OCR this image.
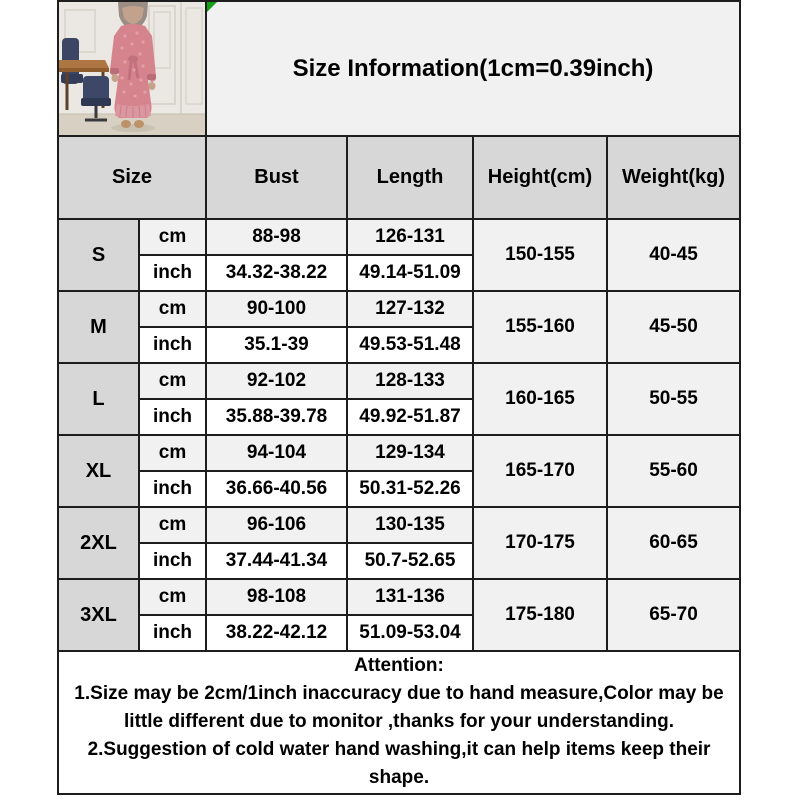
Size Information(1cm=0.39inch)			
Size		Bust	Length	Height(cm)	Weight(kg)
S	cm	88-98	126-131	150-155	40-45
	inch	34.32-38.22	49.14-51.09		
M	cm	90-100	127-132	155-160	45-50
	inch	35.1-39	49.53-51.48		
L	cm	92-102	128-133	160-165	50-55
	inch	35.88-39.78	49.92-51.87		
XL	cm	94-104	129-134	165-170	55-60
	inch	36.66-40.56	50.31-52.26		
2XL	cm	96-106	130-135	170-175	60-65
	inch	37.44-41.34	50.7-52.65		
3XL	cm	98-108	131-136	175-180	65-70
	inch	38.22-42.12	51.09-53.04		

Attention:
1.Size may be 2cm/1inch inaccuracy due to hand measure,Color may be little different due to monitor ,thanks for your understanding.
2.Suggestion of cold water hand washing,it can help items keep their shape.					
